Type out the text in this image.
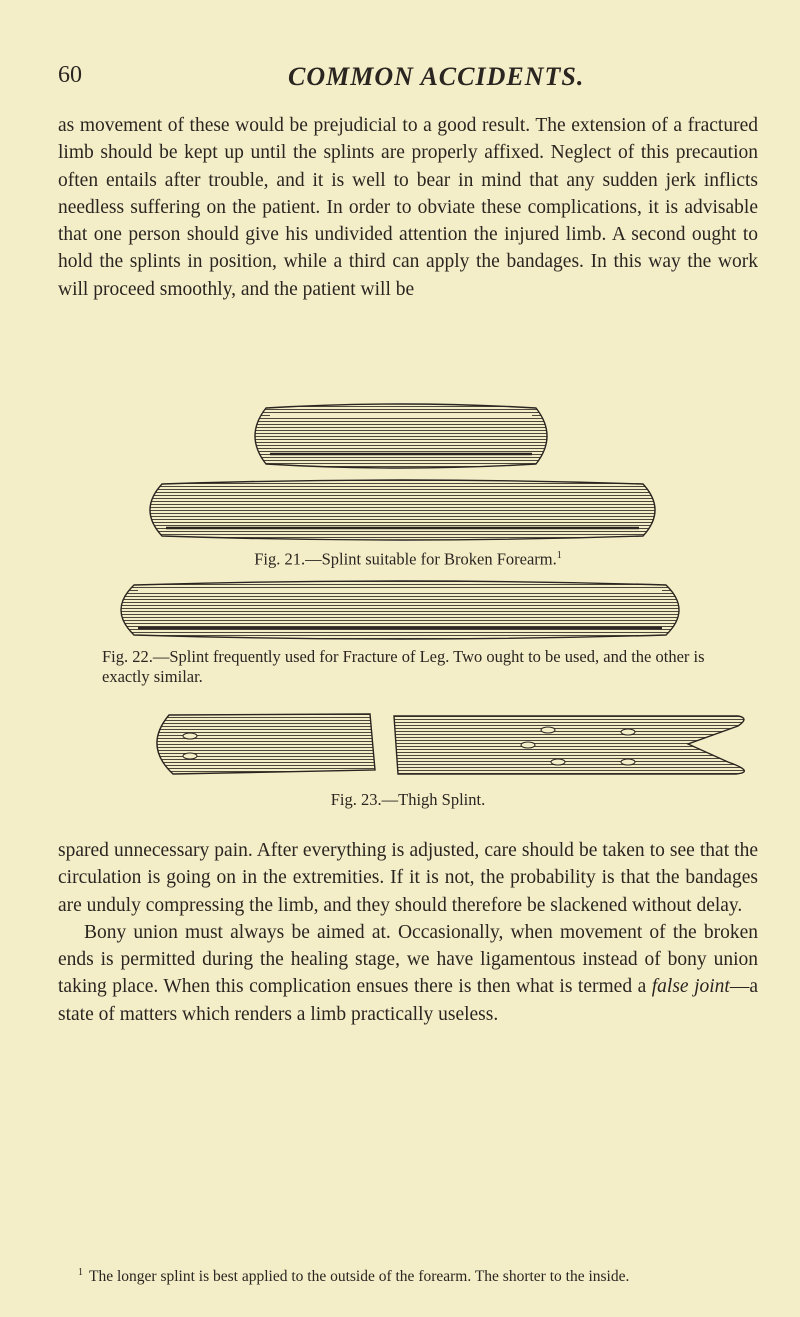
60	COMMON ACCIDENTS.

as movement of these would be prejudicial to a good result. The extension of a fractured limb should be kept up until the splints are properly affixed. Neglect of this precaution often entails after trouble, and it is well to bear in mind that any sudden jerk inflicts needless suffering on the patient. In order to obviate these complications, it is advisable that one person should give his undivided attention the injured limb. A second ought to hold the splints in position, while a third can apply the bandages. In this way the work will proceed smoothly, and the patient will be

Fig. 21.—Splint suitable for Broken Forearm.$^1$
Fig. 22.—Splint frequently used for Fracture of Leg. Two ought to be used, and the other is exactly similar.
Fig. 23.—Thigh Splint.

spared unnecessary pain. After everything is adjusted, care should be taken to see that the circulation is going on in the extremities. If it is not, the probability is that the bandages are unduly compressing the limb, and they should therefore be slackened without delay.

Bony union must always be aimed at. Occasionally, when movement of the broken ends is permitted during the healing stage, we have ligamentous instead of bony union taking place. When this complication ensues there is then what is termed a false joint—a state of matters which renders a limb practically useless.

$^1$ The longer splint is best applied to the outside of the forearm. The shorter to the inside.
